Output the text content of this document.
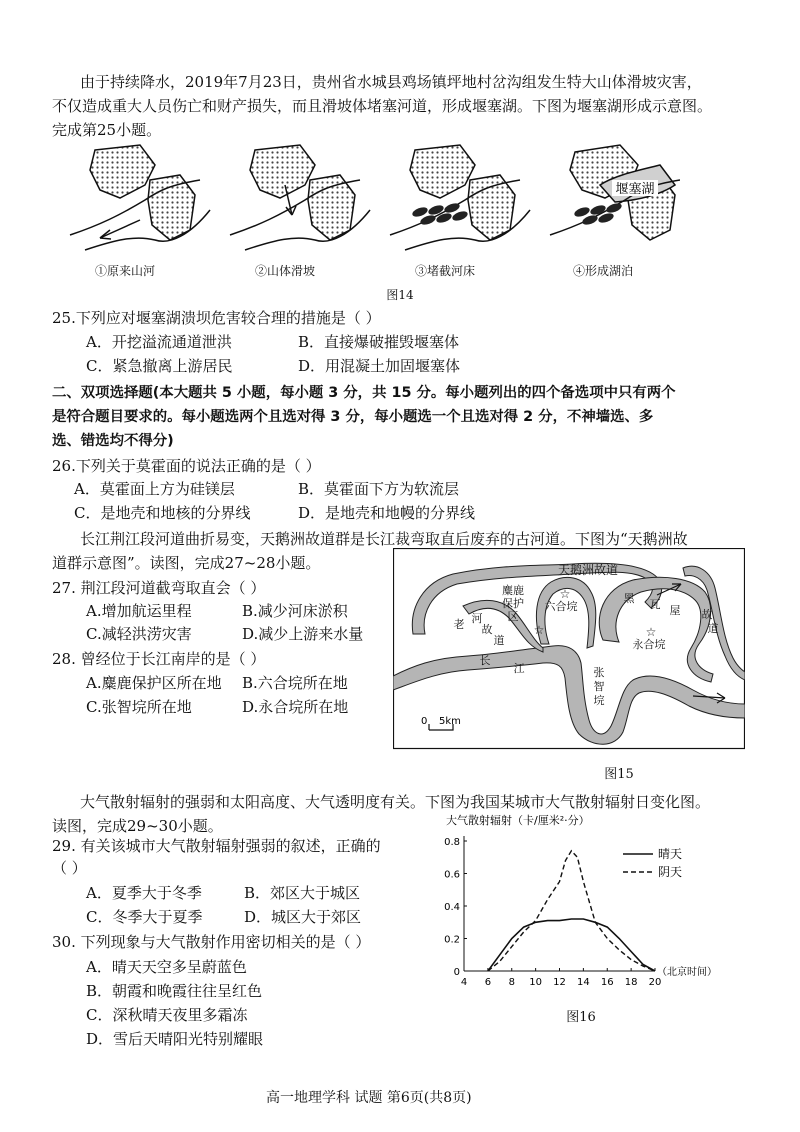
由于持续降水，2019年7月23日，贵州省水城县鸡场镇坪地村岔沟组发生特大山体滑坡灾害，
不仅造成重大人员伤亡和财产损失，而且滑坡体堵塞河道，形成堰塞湖。下图为堰塞湖形成示意图。
完成第25小题。
堰塞湖
①原来山河	②山体滑坡	③堵截河床	④形成湖泊
图14
25.下列应对堰塞湖溃坝危害较合理的措施是（ ）
A．开挖溢流通道泄洪	B．直接爆破摧毁堰塞体
C．紧急撤离上游居民	D．用混凝土加固堰塞体
二、双项选择题(本大题共 5 小题，每小题 3 分，共 15 分。每小题列出的四个备选项中只有两个
是符合题目要求的。每小题选两个且选对得 3 分，每小题选一个且选对得 2 分，不神墙选、多
选、错选均不得分)
26.下列关于莫霍面的说法正确的是（ ）
A．莫霍面上方为硅镁层	B．莫霍面下方为软流层
C．是地壳和地核的分界线	D．是地壳和地幔的分界线
长江荆江段河道曲折易变，天鹅洲故道群是长江裁弯取直后废弃的古河道。下图为“天鹅洲故
道群示意图”。读图，完成27~28小题。
27. 荆江段河道截弯取直会（ ）
A.增加航运里程	B.减少河床淤积
C.减轻洪涝灾害	D.减少上游来水量
28. 曾经位于长江南岸的是（ ）
A.麋鹿保护区所在地 B.六合垸所在地
C.张智垸所在地	D.永合垸所在地
天鹅洲故道
麋鹿
保护
区
六合垸
老 河
故
道
黑 瓦 屋 故
道
永合垸
长
江	张
智
垸
☆
☆
☆
0 5km
图15
大气散射辐射的强弱和太阳高度、大气透明度有关。下图为我国某城市大气散射辐射日变化图。
读图，完成29~30小题。
29. 有关该城市大气散射辐射强弱的叙述，正确的
（ ）
A．夏季大于冬季	B．郊区大于城区
C．冬季大于夏季	D．城区大于郊区
30. 下列现象与大气散射作用密切相关的是（ ）
A．晴天天空多呈蔚蓝色
B．朝霞和晚霞往往呈红色
C．深秋晴天夜里多霜冻
D．雪后天晴阳光特别耀眼
大气散射辐射（卡/厘米²·分）
0
0.2
0.4
0.6
0.8
4 6 8 10 12 14 16 18 20
晴天
阴天
（北京时间）
图16
高一地理学科 试题 第6页(共8页)
